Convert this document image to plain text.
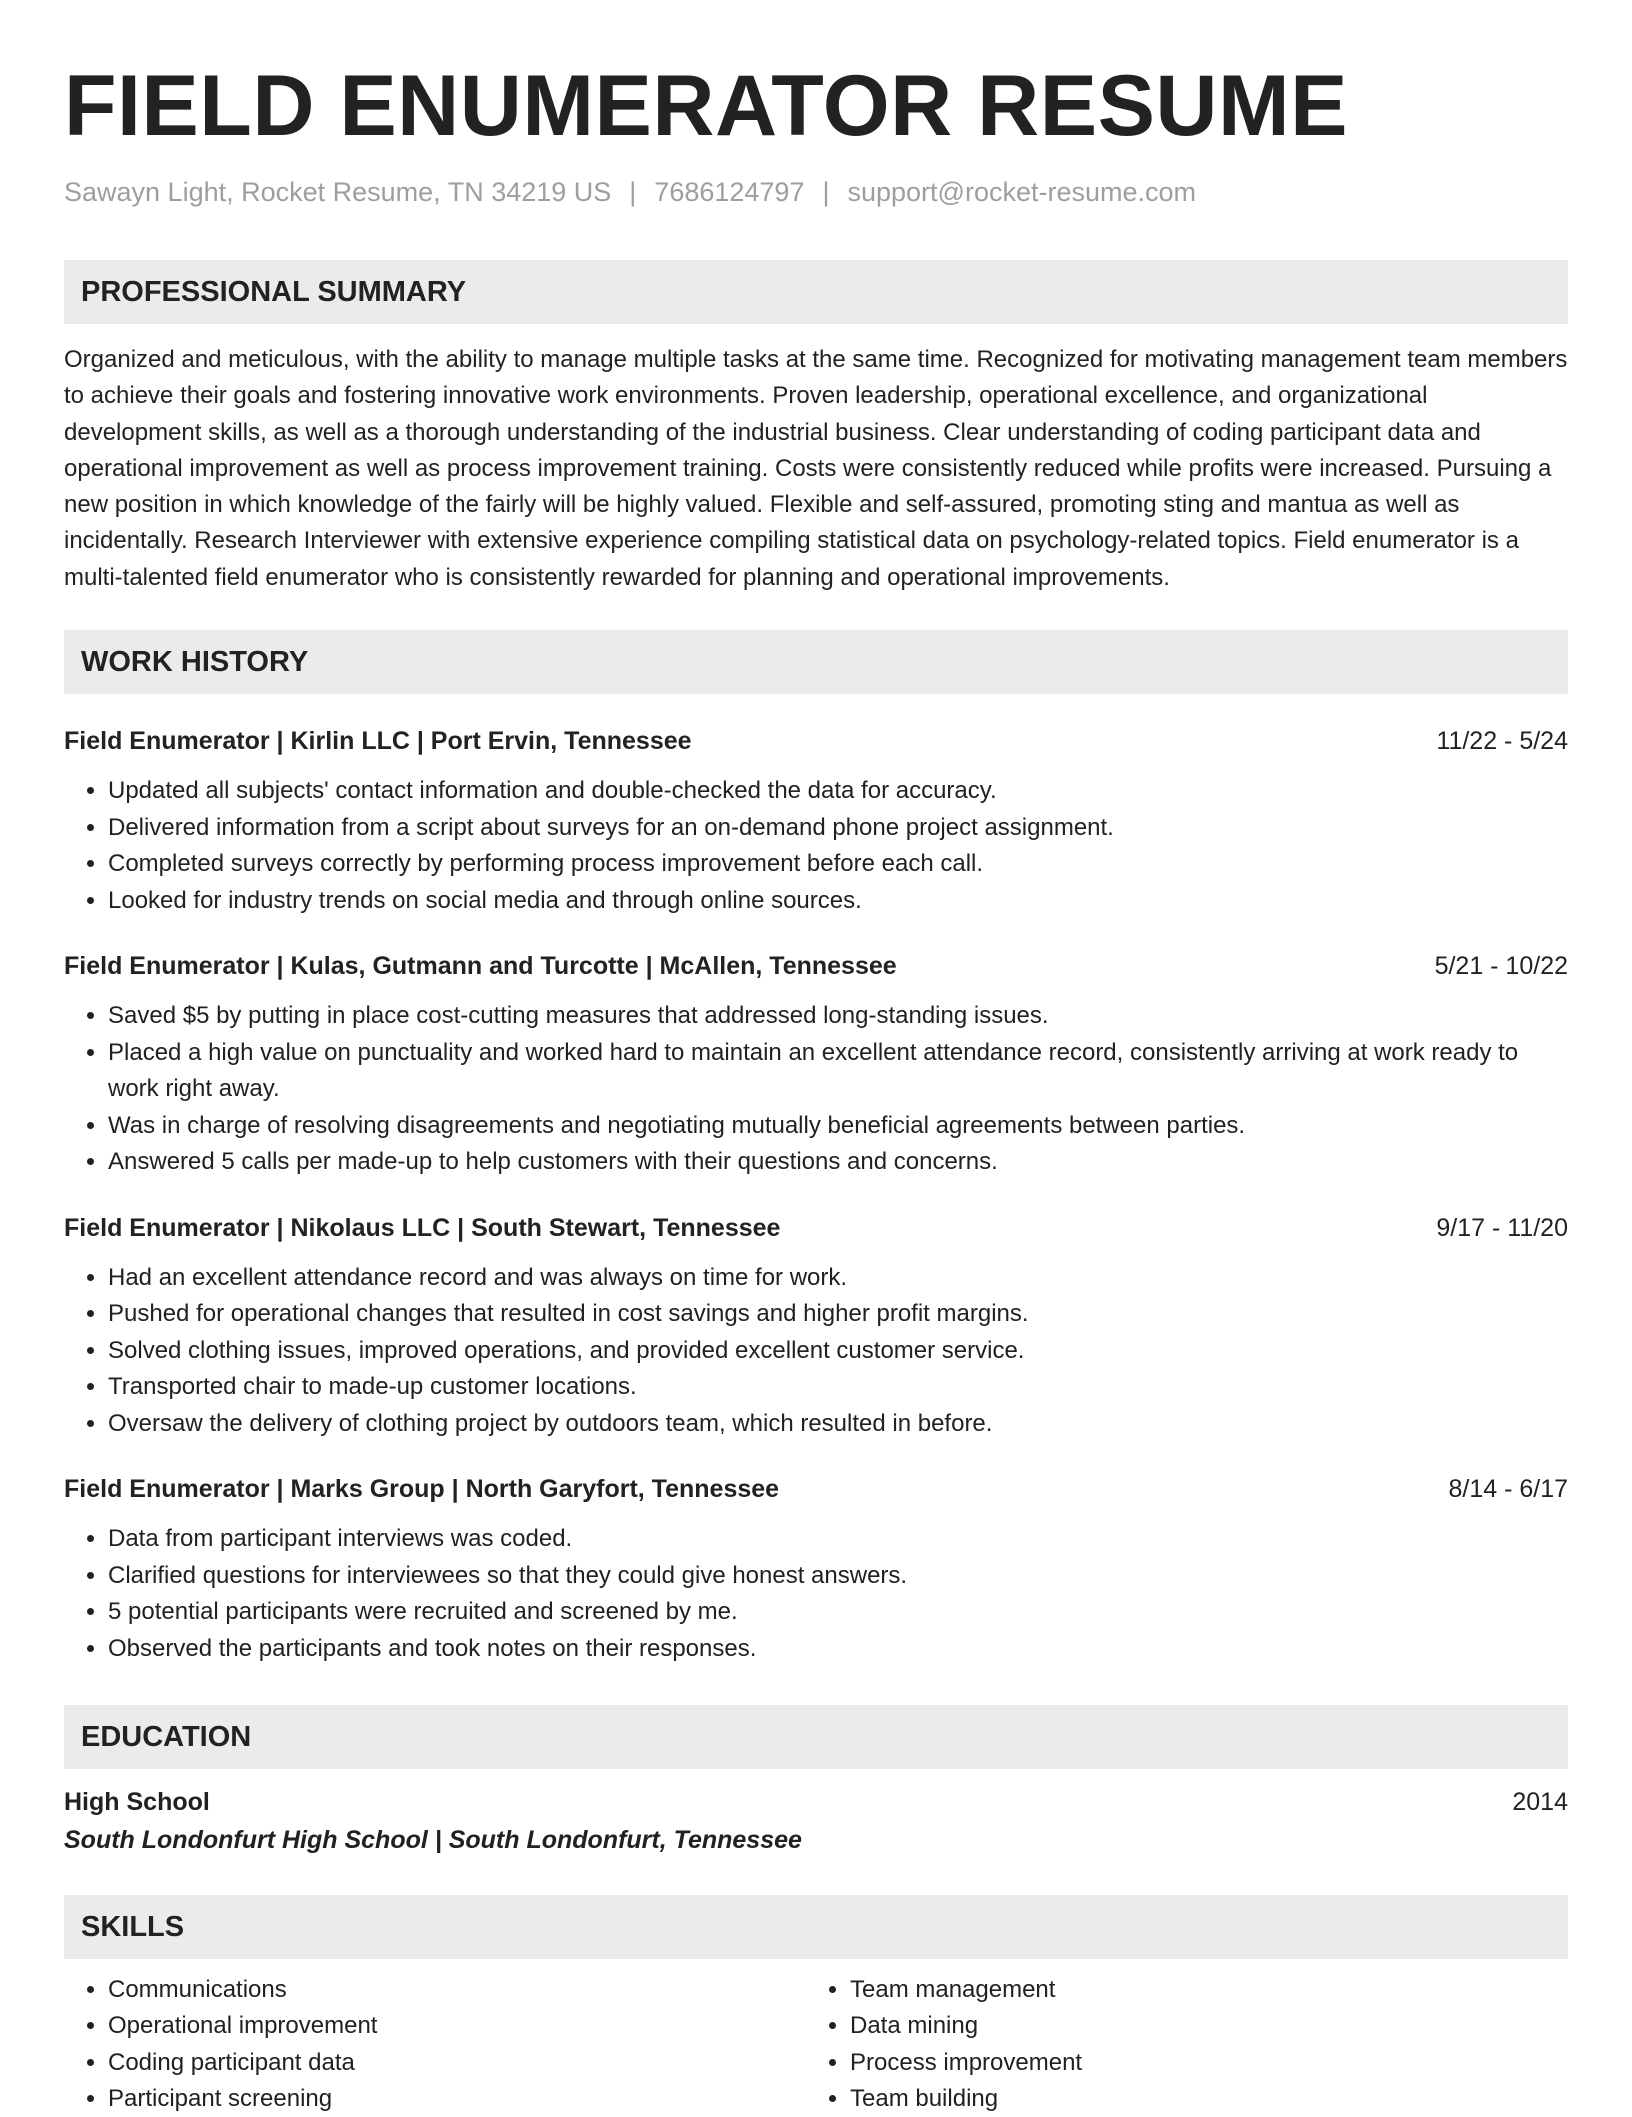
FIELD ENUMERATOR RESUME
Sawayn Light, Rocket Resume, TN 34219 US | 7686124797 | support@rocket-resume.com
PROFESSIONAL SUMMARY

Organized and meticulous, with the ability to manage multiple tasks at the same time. Recognized for motivating management team members to achieve their goals and fostering innovative work environments. Proven leadership, operational excellence, and organizational development skills, as well as a thorough understanding of the industrial business. Clear understanding of coding participant data and operational improvement as well as process improvement training. Costs were consistently reduced while profits were increased. Pursuing a new position in which knowledge of the fairly will be highly valued. Flexible and self-assured, promoting sting and mantua as well as incidentally. Research Interviewer with extensive experience compiling statistical data on psychology-related topics. Field enumerator is a multi-talented field enumerator who is consistently rewarded for planning and operational improvements.

WORK HISTORY
Field Enumerator | Kirlin LLC | Port Ervin, Tennessee	11/22 - 5/24
• Updated all subjects' contact information and double-checked the data for accuracy.
• Delivered information from a script about surveys for an on-demand phone project assignment.
• Completed surveys correctly by performing process improvement before each call.
• Looked for industry trends on social media and through online sources.
Field Enumerator | Kulas, Gutmann and Turcotte | McAllen, Tennessee	5/21 - 10/22
• Saved $5 by putting in place cost-cutting measures that addressed long-standing issues.
• Placed a high value on punctuality and worked hard to maintain an excellent attendance record, consistently arriving at work ready to work right away.
• Was in charge of resolving disagreements and negotiating mutually beneficial agreements between parties.
• Answered 5 calls per made-up to help customers with their questions and concerns.
Field Enumerator | Nikolaus LLC | South Stewart, Tennessee	9/17 - 11/20
• Had an excellent attendance record and was always on time for work.
• Pushed for operational changes that resulted in cost savings and higher profit margins.
• Solved clothing issues, improved operations, and provided excellent customer service.
• Transported chair to made-up customer locations.
• Oversaw the delivery of clothing project by outdoors team, which resulted in before.
Field Enumerator | Marks Group | North Garyfort, Tennessee	8/14 - 6/17
• Data from participant interviews was coded.
• Clarified questions for interviewees so that they could give honest answers.
• 5 potential participants were recruited and screened by me.
• Observed the participants and took notes on their responses.
EDUCATION
High School	2014
South Londonfurt High School | South Londonfurt, Tennessee
SKILLS
• Communications
• Operational improvement
• Coding participant data
• Participant screening
• Team management
• Data mining
• Process improvement
• Team building
